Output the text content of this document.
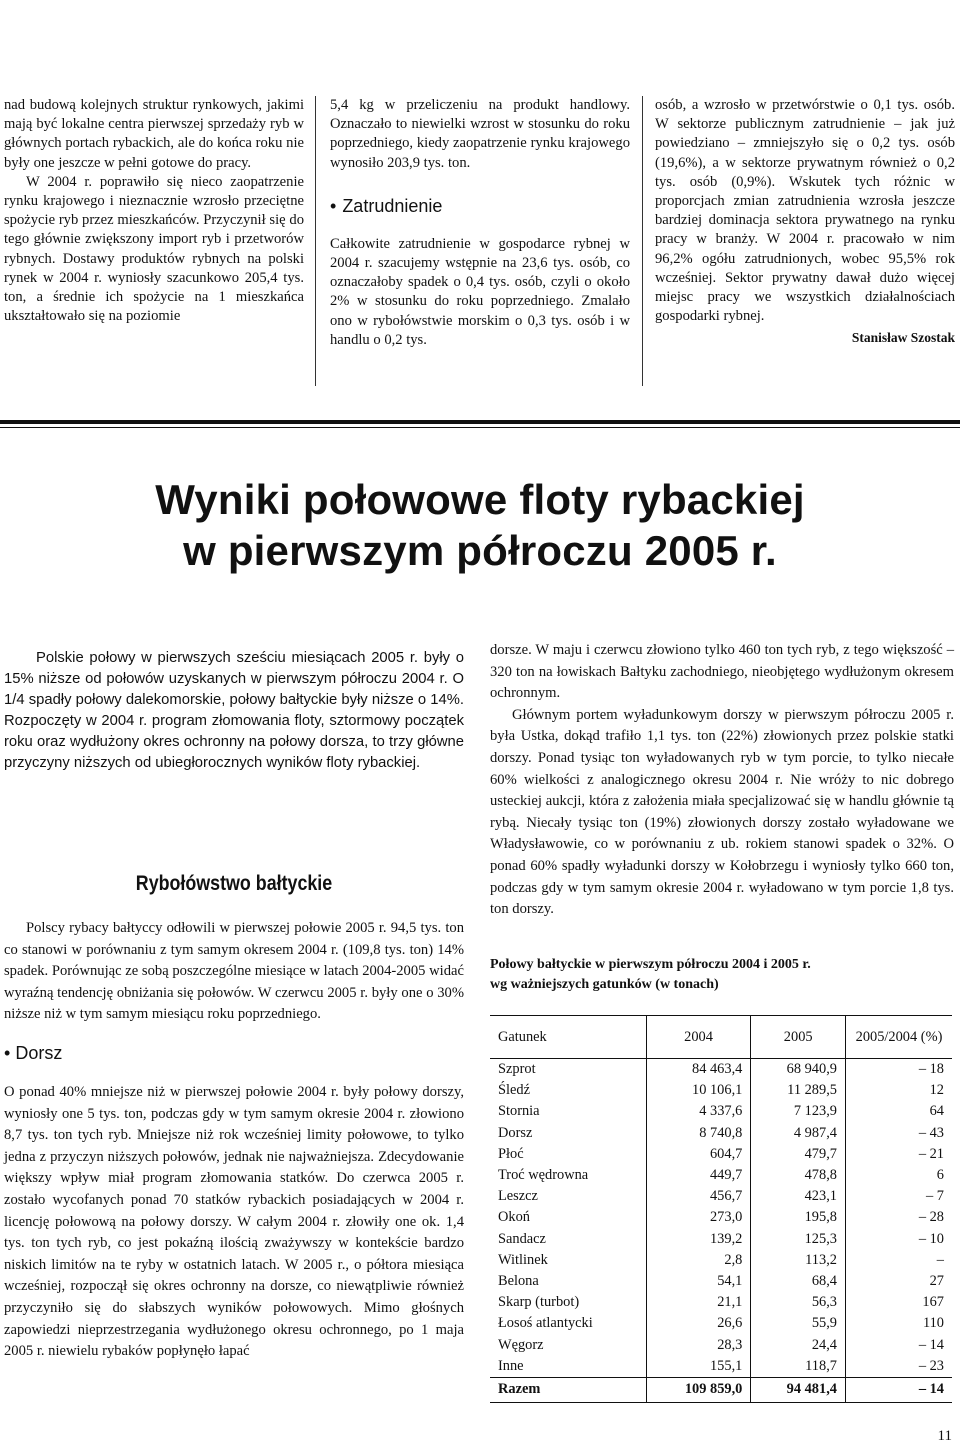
nad budową kolejnych struktur rynkowych, jakimi mają być lokalne centra pierwszej sprzedaży ryb w głównych portach rybackich, ale do końca roku nie były one jeszcze w pełni gotowe do pracy.

W 2004 r. poprawiło się nieco zaopatrzenie rynku krajowego i nieznacznie wzrosło przeciętne spożycie ryb przez mieszkańców. Przyczynił się do tego głównie zwiększony import ryb i przetworów rybnych. Dostawy produktów rybnych na polski rynek w 2004 r. wyniosły szacunkowo 205,4 tys. ton, a średnie ich spożycie na 1 mieszkańca ukształtowało się na poziomie

5,4 kg w przeliczeniu na produkt handlowy. Oznaczało to niewielki wzrost w stosunku do roku poprzedniego, kiedy zaopatrzenie rynku krajowego wynosiło 203,9 tys. ton.

• Zatrudnienie

Całkowite zatrudnienie w gospodarce rybnej w 2004 r. szacujemy wstępnie na 23,6 tys. osób, co oznaczałoby spadek o 0,4 tys. osób, czyli o około 2% w stosunku do roku poprzedniego. Zmalało ono w rybołówstwie morskim o 0,3 tys. osób i w handlu o 0,2 tys.

osób, a wzrosło w przetwórstwie o 0,1 tys. osób. W sektorze publicznym zatrudnienie – jak już powiedziano – zmniejszyło się o 0,2 tys. osób (19,6%), a w sektorze prywatnym również o 0,2 tys. osób (0,9%). Wskutek tych różnic w proporcjach zmian zatrudnienia wzrosła jeszcze bardziej dominacja sektora prywatnego na rynku pracy w branży. W 2004 r. pracowało w nim 96,2% ogółu zatrudnionych, wobec 95,5% rok wcześniej. Sektor prywatny dawał dużo więcej miejsc pracy we wszystkich działalnościach gospodarki rybnej.

Stanisław Szostak
Wyniki połowowe floty rybackiej
w pierwszym półroczu 2005 r.

Polskie połowy w pierwszych sześciu miesiącach 2005 r. były o 15% niższe od połowów uzyskanych w pierwszym półroczu 2004 r. O 1/4 spadły połowy dalekomorskie, połowy bałtyckie były niższe o 14%. Rozpoczęty w 2004 r. program złomowania floty, sztormowy początek roku oraz wydłużony okres ochronny na połowy dorsza, to trzy główne przyczyny niższych od ubiegłorocznych wyników floty rybackiej.

Rybołówstwo bałtyckie

Polscy rybacy bałtyccy odłowili w pierwszej połowie 2005 r. 94,5 tys. ton co stanowi w porównaniu z tym samym okresem 2004 r. (109,8 tys. ton) 14% spadek. Porównując ze sobą poszczególne miesiące w latach 2004-2005 widać wyraźną tendencję obniżania się połowów. W czerwcu 2005 r. były one o 30% niższe niż w tym samym miesiącu roku poprzedniego.

• Dorsz

O ponad 40% mniejsze niż w pierwszej połowie 2004 r. były połowy dorszy, wyniosły one 5 tys. ton, podczas gdy w tym samym okresie 2004 r. złowiono 8,7 tys. ton tych ryb. Mniejsze niż rok wcześniej limity połowowe, to tylko jedna z przyczyn niższych połowów, jednak nie najważniejsza. Zdecydowanie większy wpływ miał program złomowania statków. Do czerwca 2005 r. zostało wycofanych ponad 70 statków rybackich posiadających w 2004 r. licencję połowową na połowy dorszy. W całym 2004 r. złowiły one ok. 1,4 tys. ton tych ryb, co jest pokaźną ilością zważywszy w kontekście bardzo niskich limitów na te ryby w ostatnich latach. W 2005 r., o półtora miesiąca wcześniej, rozpoczął się okres ochronny na dorsze, co niewątpliwie również przyczyniło się do słabszych wyników połowowych. Mimo głośnych zapowiedzi nieprzestrzegania wydłużonego okresu ochronnego, po 1 maja 2005 r. niewielu rybaków popłynęło łapać

dorsze. W maju i czerwcu złowiono tylko 460 ton tych ryb, z tego większość – 320 ton na łowiskach Bałtyku zachodniego, nieobjętego wydłużonym okresem ochronnym.

Głównym portem wyładunkowym dorszy w pierwszym półroczu 2005 r. była Ustka, dokąd trafiło 1,1 tys. ton (22%) złowionych przez polskie statki dorszy. Ponad tysiąc ton wyładowanych ryb w tym porcie, to tylko niecałe 60% wielkości z analogicznego okresu 2004 r. Nie wróży to nic dobrego usteckiej aukcji, która z założenia miała specjalizować się w handlu głównie tą rybą. Niecały tysiąc ton (19%) złowionych dorszy zostało wyładowane we Władysławowie, co w porównaniu z ub. rokiem stanowi spadek o 32%. O ponad 60% spadły wyładunki dorszy w Kołobrzegu i wyniosły tylko 660 ton, podczas gdy w tym samym okresie 2004 r. wyładowano w tym porcie 1,8 tys. ton dorszy.

Połowy bałtyckie w pierwszym półroczu 2004 i 2005 r.
wg ważniejszych gatunków (w tonach)
Gatunek	2004	2005	2005/2004 (%)
Szprot	84 463,4	68 940,9	– 18
Śledź	10 106,1	11 289,5	12
Stornia	4 337,6	7 123,9	64
Dorsz	8 740,8	4 987,4	– 43
Płoć	604,7	479,7	– 21
Troć wędrowna	449,7	478,8	6
Leszcz	456,7	423,1	– 7
Okoń	273,0	195,8	– 28
Sandacz	139,2	125,3	– 10
Witlinek	2,8	113,2	–
Belona	54,1	68,4	27
Skarp (turbot)	21,1	56,3	167
Łosoś atlantycki	26,6	55,9	110
Węgorz	28,3	24,4	– 14
Inne	155,1	118,7	– 23
Razem	109 859,0	94 481,4	– 14
11
